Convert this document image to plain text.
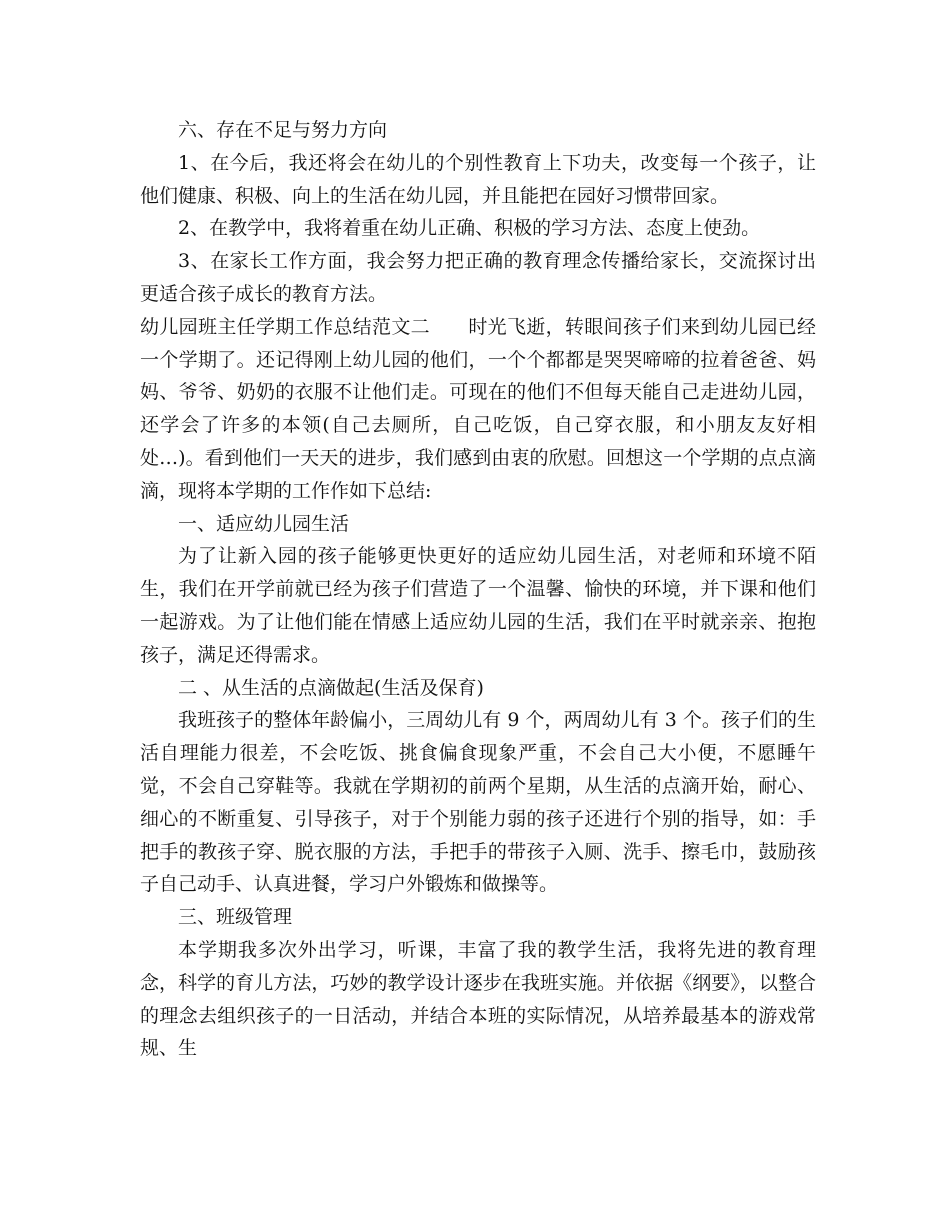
六、存在不足与努力方向

1、在今后，我还将会在幼儿的个别性教育上下功夫，改变每一个孩子，让他们健康、积极、向上的生活在幼儿园，并且能把在园好习惯带回家。

2、在教学中，我将着重在幼儿正确、积极的学习方法、态度上使劲。

3、在家长工作方面，我会努力把正确的教育理念传播给家长，交流探讨出更适合孩子成长的教育方法。

幼儿园班主任学期工作总结范文二 时光飞逝，转眼间孩子们来到幼儿园已经一个学期了。还记得刚上幼儿园的他们，一个个都都是哭哭啼啼的拉着爸爸、妈妈、爷爷、奶奶的衣服不让他们走。可现在的他们不但每天能自己走进幼儿园，还学会了许多的本领(自己去厕所，自己吃饭，自己穿衣服，和小朋友友好相处…)。看到他们一天天的进步，我们感到由衷的欣慰。回想这一个学期的点点滴滴，现将本学期的工作作如下总结:

一、适应幼儿园生活

为了让新入园的孩子能够更快更好的适应幼儿园生活，对老师和环境不陌生，我们在开学前就已经为孩子们营造了一个温馨、愉快的环境，并下课和他们一起游戏。为了让他们能在情感上适应幼儿园的生活，我们在平时就亲亲、抱抱孩子，满足还得需求。

二 、从生活的点滴做起(生活及保育)

我班孩子的整体年龄偏小，三周幼儿有 9 个，两周幼儿有 3 个。孩子们的生活自理能力很差，不会吃饭、挑食偏食现象严重，不会自己大小便，不愿睡午觉，不会自己穿鞋等。我就在学期初的前两个星期，从生活的点滴开始，耐心、细心的不断重复、引导孩子，对于个别能力弱的孩子还进行个别的指导，如：手把手的教孩子穿、脱衣服的方法，手把手的带孩子入厕、洗手、擦毛巾，鼓励孩子自己动手、认真进餐，学习户外锻炼和做操等。

三、班级管理

本学期我多次外出学习，听课，丰富了我的教学生活，我将先进的教育理念，科学的育儿方法，巧妙的教学设计逐步在我班实施。并依据《纲要》，以整合的理念去组织孩子的一日活动，并结合本班的实际情况，从培养最基本的游戏常规、生
